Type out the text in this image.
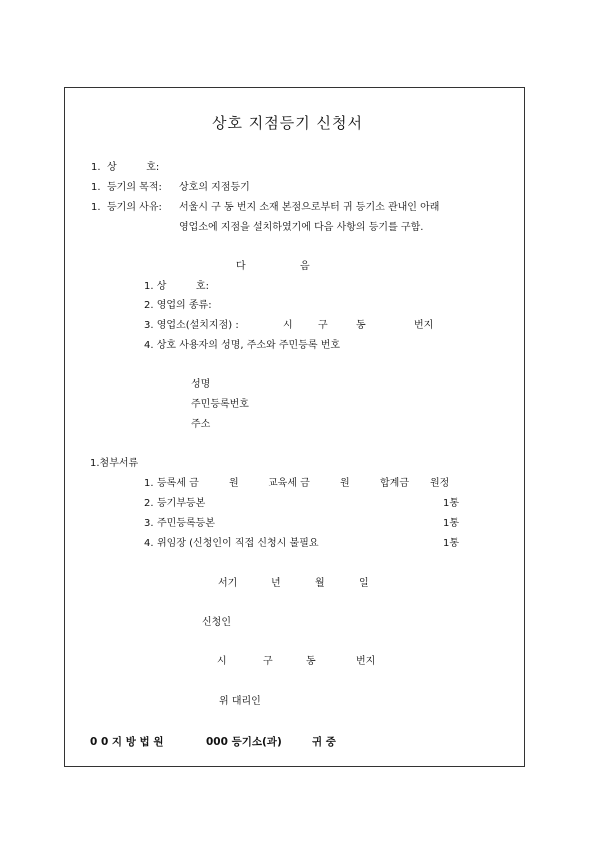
상호 지점등기 신청서
1. 상 　 　 호:
1. 등기의 목적: 상호의 지점등기
1. 등기의 사유: 서울시 구 동 번지 소재 본점으로부터 귀 등기소 관내인 아래
영업소에 지점을 설치하였기에 다음 사항의 등기를 구함.
다	음
1. 상 　 　 호:
2. 영업의 종류:
3. 영업소(설치지점) :	시	구	동	번지
4. 상호 사용자의 성명, 주소와 주민등록 번호
성명
주민등록번호
주소
1.첨부서류
1. 등록세 금	원	교육세 금	원	합계금 원정
2. 등기부등본	1통
3. 주민등록등본	1통
4. 위임장 (신청인이 직접 신청시 불필요	1통
서기	년	월	일
신청인
시	구	동	번지
위 대리인
0 0 지 방 법 원	000 등기소(과)	귀 중
